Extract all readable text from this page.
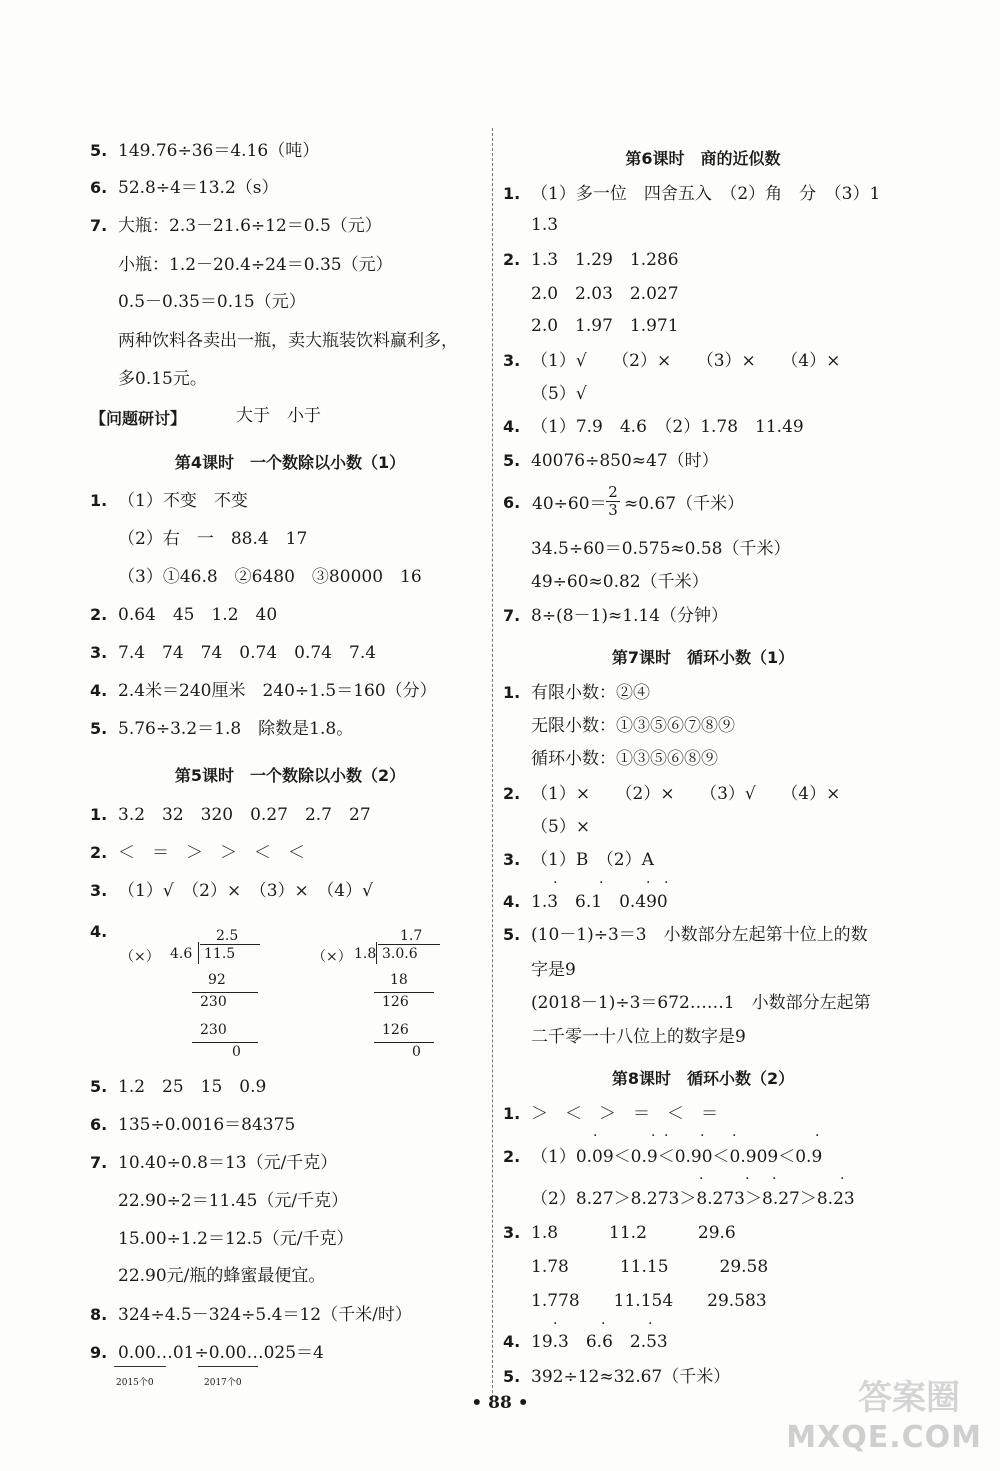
4.
（×） 4.6
2.5
11.5
92
230
230
0
（×） 1.8
1.7
3.0.6
18
126
126
0
6. $40\div 60= \frac{2}{3} \approx 0.67$（千米）
2015个0	2017个0
• 88 •	答案圈
MXQE.COM
5. 149.76÷36＝4.16（吨）
6. 52.8÷4＝13.2（s）
7. 大瓶：2.3－21.6÷12＝0.5（元）
小瓶：1.2－20.4÷24＝0.35（元）
0.5－0.35＝0.15（元）
两种饮料各卖出一瓶，卖大瓶装饮料赢利多，
多0.15元。
【问题研讨】	大于　小于
第4课时　一个数除以小数（1）
1. （1）不变　不变
（2）右　一　88.4　17
（3）①46.8　②6480　③80000　16
2. 0.64　45　1.2　40
3. 7.4　74　74　0.74　0.74　7.4
4. 2.4米＝240厘米　240÷1.5＝160（分）
5. 5.76÷3.2＝1.8　除数是1.8。
第5课时　一个数除以小数（2）
1. 3.2　32　320　0.27　2.7　27
2. ＜　＝　＞　＞　＜　＜
3. （1）√　（2）×　（3）×　（4）√
5. 1.2　25　15　0.9
6. 135÷0.0016＝84375
7. 10.40÷0.8＝13（元/千克）
22.90÷2＝11.45（元/千克）
15.00÷1.2＝12.5（元/千克）
22.90元/瓶的蜂蜜最便宜。
8. 324÷4.5－324÷5.4＝12（千米/时）
9. 0.00…01÷0.00…025＝4
第6课时　商的近似数
1. （1）多一位　四舍五入　（2）角　分　（3）1
1.3
2. 1.3　1.29　1.286
2.0　2.03　2.027
2.0　1.97　1.971
3. （1）√　　（2）×　　（3）×　　（4）×
（5）√
4. （1）7.9　4.6　（2）1.78　11.49
5. 40076÷850≈47（时）
34.5÷60＝0.575≈0.58（千米）
49÷60≈0.82（千米）
7. 8÷(8－1)≈1.14（分钟）
第7课时　循环小数（1）
1. 有限小数：②④
无限小数：①③⑤⑥⑦⑧⑨
循环小数：①③⑤⑥⑧⑨
2. （1）×　　（2）×　　（3）√　　（4）×
（5）×
3. （1）B　（2）A
4. 1.3　6.1　0.490
5. (10－1)÷3＝3　小数部分左起第十位上的数
字是9
(2018－1)÷3＝672……1　小数部分左起第
二千零一十八位上的数字是9
第8课时　循环小数（2）
1. ＞　＜　＞　＝　＜　＝
2. （1）0.09＜0.9＜0.90＜0.909＜0.9
（2）8.27＞8.273＞8.273＞8.27＞8.23
3. 1.8　　　11.2　　　29.6
1.78　　　11.15　　　29.58
1.778　　11.154　　29.583
4. 19.3　6.6　2.53
5. 392÷12≈32.67（千米）
·	·	· ·
·	· · · ·	·
·	· ·	·
·	·	·
